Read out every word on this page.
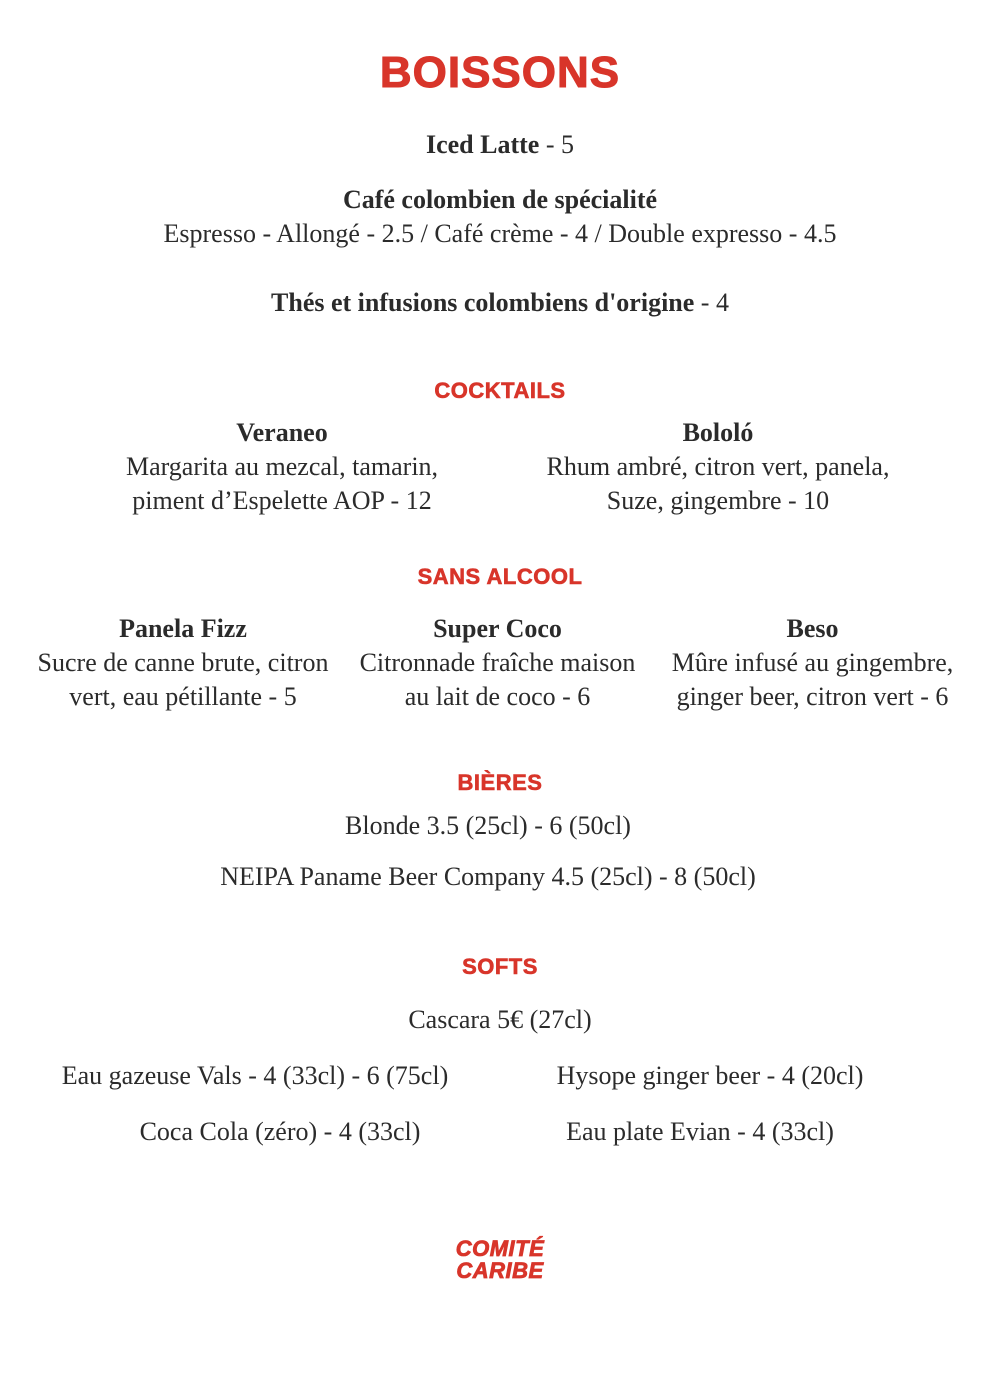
BOISSONS
Iced Latte - 5
Café colombien de spécialité
Espresso - Allongé - 2.5 / Café crème - 4 / Double expresso - 4.5
Thés et infusions colombiens d'origine - 4
COCKTAILS
Veraneo
Margarita au mezcal, tamarin,
piment d’Espelette AOP - 12
Bololó
Rhum ambré, citron vert, panela,
Suze, gingembre - 10
SANS ALCOOL
Panela Fizz
Sucre de canne brute, citron
vert, eau pétillante - 5
Super Coco
Citronnade fraîche maison
au lait de coco - 6
Beso
Mûre infusé au gingembre,
ginger beer, citron vert - 6
BIÈRES
Blonde 3.5 (25cl) - 6 (50cl)
NEIPA Paname Beer Company 4.5 (25cl) - 8 (50cl)
SOFTS
Cascara 5€ (27cl)
Eau gazeuse Vals - 4 (33cl) - 6 (75cl)	Hysope ginger beer - 4 (20cl)
Coca Cola (zéro) - 4 (33cl)	Eau plate Evian - 4 (33cl)
COMITÉ
CARIBE
